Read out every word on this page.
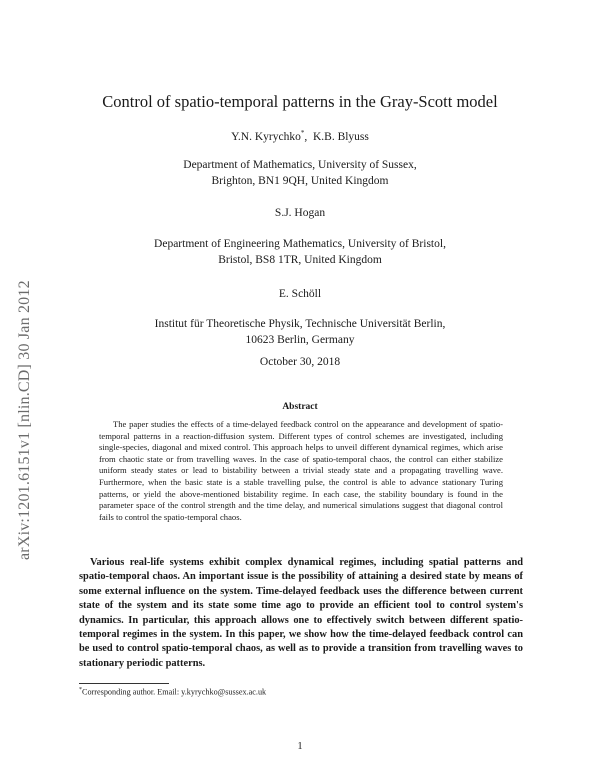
arXiv:1201.6151v1 [nlin.CD] 30 Jan 2012
Control of spatio-temporal patterns in the Gray-Scott model
Y.N. Kyrychko*,  K.B. Blyuss
Department of Mathematics, University of Sussex,
Brighton, BN1 9QH, United Kingdom
S.J. Hogan
Department of Engineering Mathematics, University of Bristol,
Bristol, BS8 1TR, United Kingdom
E. Schöll
Institut für Theoretische Physik, Technische Universität Berlin,
10623 Berlin, Germany
October 30, 2018
Abstract
The paper studies the effects of a time-delayed feedback control on the appearance and development of spatio-temporal patterns in a reaction-diffusion system. Different types of control schemes are investigated, including single-species, diagonal and mixed control. This approach helps to unveil different dynamical regimes, which arise from chaotic state or from travelling waves. In the case of spatio-temporal chaos, the control can either stabilize uniform steady states or lead to bistability between a trivial steady state and a propagating travelling wave. Furthermore, when the basic state is a stable travelling pulse, the control is able to advance stationary Turing patterns, or yield the above-mentioned bistability regime. In each case, the stability boundary is found in the parameter space of the control strength and the time delay, and numerical simulations suggest that diagonal control fails to control the spatio-temporal chaos.
Various real-life systems exhibit complex dynamical regimes, including spatial patterns and spatio-temporal chaos. An important issue is the possibility of attaining a desired state by means of some external influence on the system. Time-delayed feedback uses the difference between current state of the system and its state some time ago to provide an efficient tool to control system's dynamics. In particular, this approach allows one to effectively switch between different spatio-temporal regimes in the system. In this paper, we show how the time-delayed feedback control can be used to control spatio-temporal chaos, as well as to provide a transition from travelling waves to stationary periodic patterns.
*Corresponding author. Email: y.kyrychko@sussex.ac.uk
1
